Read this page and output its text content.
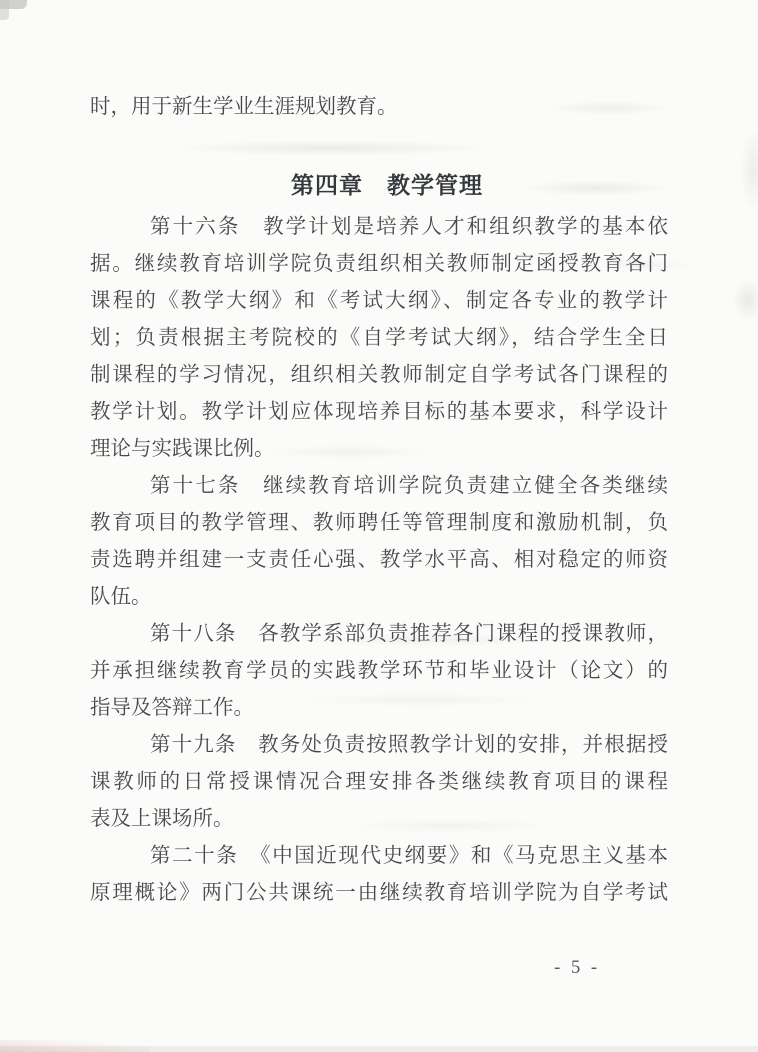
时，用于新生学业生涯规划教育。
第四章　教学管理
第十六条　教学计划是培养人才和组织教学的基本依
据。继续教育培训学院负责组织相关教师制定函授教育各门
课程的《教学大纲》和《考试大纲》、制定各专业的教学计
划；负责根据主考院校的《自学考试大纲》，结合学生全日
制课程的学习情况，组织相关教师制定自学考试各门课程的
教学计划。教学计划应体现培养目标的基本要求，科学设计
理论与实践课比例。
第十七条　继续教育培训学院负责建立健全各类继续
教育项目的教学管理、教师聘任等管理制度和激励机制，负
责选聘并组建一支责任心强、教学水平高、相对稳定的师资
队伍。
第十八条　各教学系部负责推荐各门课程的授课教师，
并承担继续教育学员的实践教学环节和毕业设计（论文）的
指导及答辩工作。
第十九条　教务处负责按照教学计划的安排，并根据授
课教师的日常授课情况合理安排各类继续教育项目的课程
表及上课场所。
第二十条　《中国近现代史纲要》和《马克思主义基本
原理概论》两门公共课统一由继续教育培训学院为自学考试
- 5 -
